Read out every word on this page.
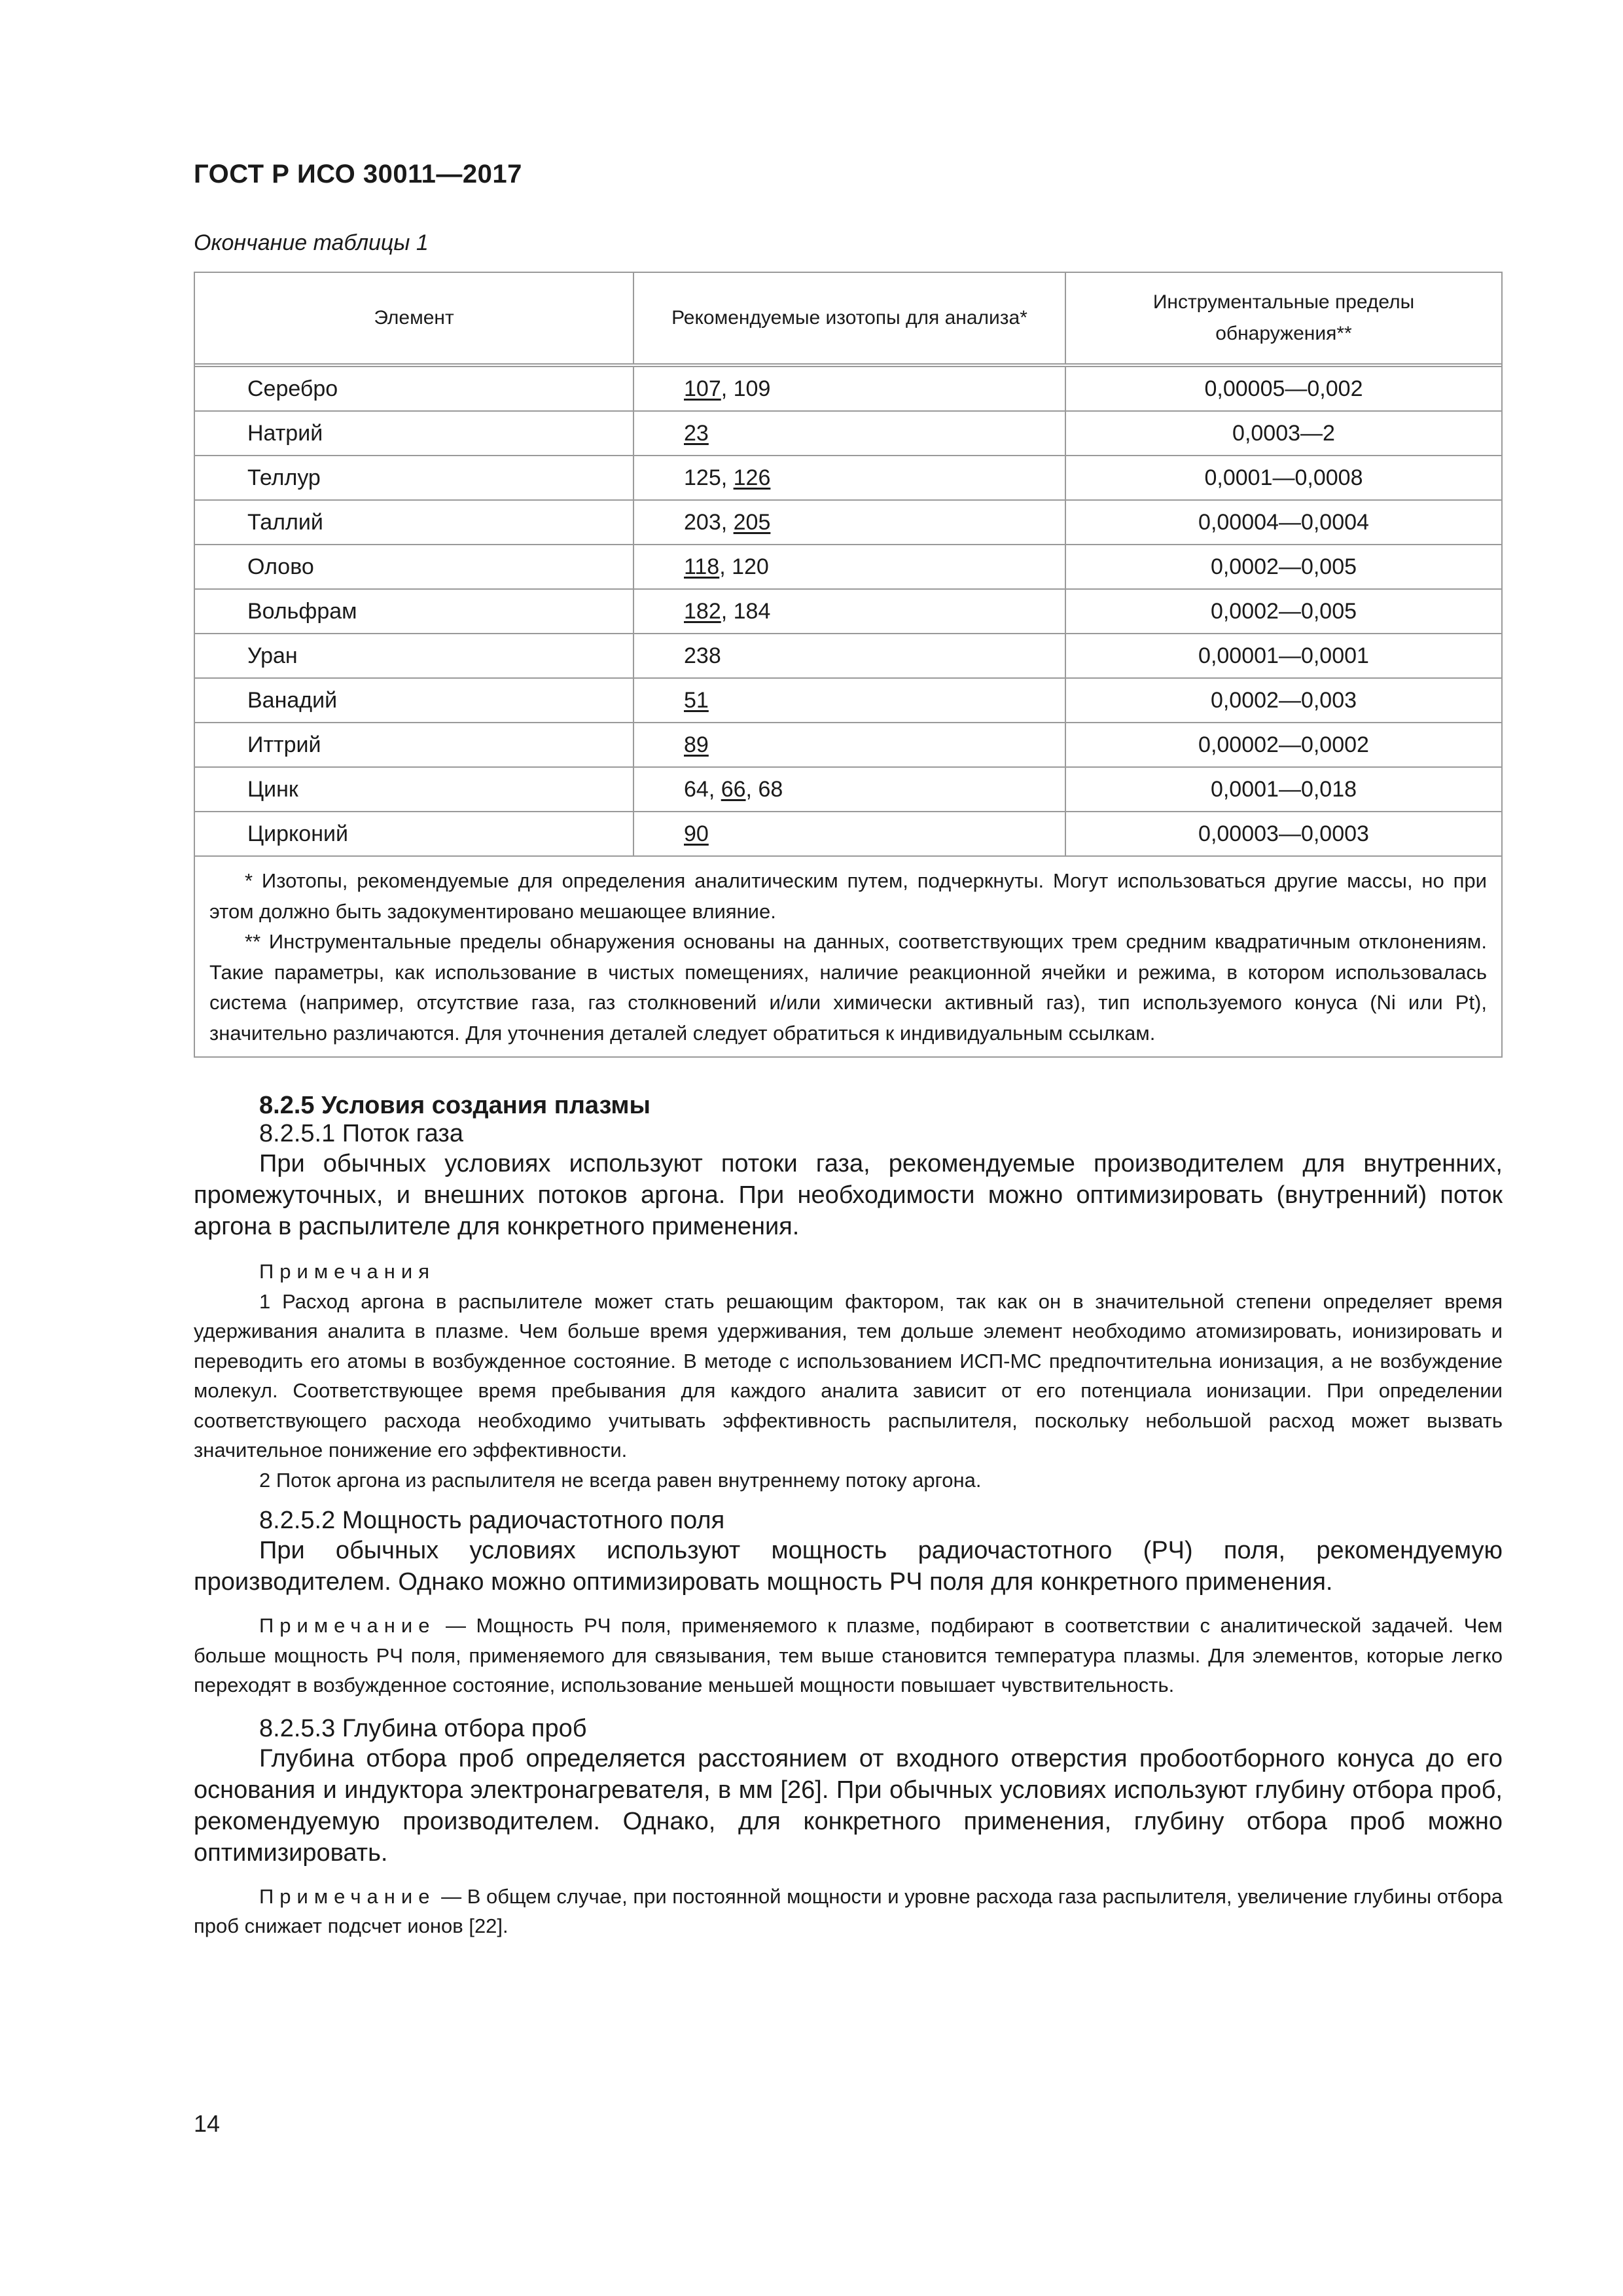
ГОСТ Р ИСО 30011—2017
Окончание таблицы 1
Элемент	Рекомендуемые изотопы для анализа*	Инструментальные пределы обнаружения**
Серебро	107, 109	0,00005—0,002
Натрий	23	0,0003—2
Теллур	125, 126	0,0001—0,0008
Таллий	203, 205	0,00004—0,0004
Олово	118, 120	0,0002—0,005
Вольфрам	182, 184	0,0002—0,005
Уран	238	0,00001—0,0001
Ванадий	51	0,0002—0,003
Иттрий	89	0,00002—0,0002
Цинк	64, 66, 68	0,0001—0,018
Цирконий	90	0,00003—0,0003

* Изотопы, рекомендуемые для определения аналитическим путем, подчеркнуты. Могут использоваться другие массы, но при этом должно быть задокументировано мешающее влияние.

** Инструментальные пределы обнаружения основаны на данных, соответствующих трем средним квадратичным отклонениям. Такие параметры, как использование в чистых помещениях, наличие реакционной ячейки и режима, в котором использовалась система (например, отсутствие газа, газ столкновений и/или химически активный газ), тип используемого конуса (Ni или Pt), значительно различаются. Для уточнения деталей следует обратиться к индивидуальным ссылкам.

8.2.5 Условия создания плазмы
8.2.5.1 Поток газа

При обычных условиях используют потоки газа, рекомендуемые производителем для внутренних, промежуточных, и внешних потоков аргона. При необходимости можно оптимизировать (внутренний) поток аргона в распылителе для конкретного применения.

Примечания

1 Расход аргона в распылителе может стать решающим фактором, так как он в значительной степени определяет время удерживания аналита в плазме. Чем больше время удерживания, тем дольше элемент необходимо атомизировать, ионизировать и переводить его атомы в возбужденное состояние. В методе с использованием ИСП-МС предпочтительна ионизация, а не возбуждение молекул. Соответствующее время пребывания для каждого аналита зависит от его потенциала ионизации. При определении соответствующего расхода необходимо учитывать эффективность распылителя, поскольку небольшой расход может вызвать значительное понижение его эффективности.

2 Поток аргона из распылителя не всегда равен внутреннему потоку аргона.

8.2.5.2 Мощность радиочастотного поля

При обычных условиях используют мощность радиочастотного (РЧ) поля, рекомендуемую производителем. Однако можно оптимизировать мощность РЧ поля для конкретного применения.

Примечание — Мощность РЧ поля, применяемого к плазме, подбирают в соответствии с аналитической задачей. Чем больше мощность РЧ поля, применяемого для связывания, тем выше становится температура плазмы. Для элементов, которые легко переходят в возбужденное состояние, использование меньшей мощности повышает чувствительность.

8.2.5.3 Глубина отбора проб

Глубина отбора проб определяется расстоянием от входного отверстия пробоотборного конуса до его основания и индуктора электронагревателя, в мм [26]. При обычных условиях используют глубину отбора проб, рекомендуемую производителем. Однако, для конкретного применения, глубину отбора проб можно оптимизировать.

Примечание — В общем случае, при постоянной мощности и уровне расхода газа распылителя, увеличение глубины отбора проб снижает подсчет ионов [22].

14
